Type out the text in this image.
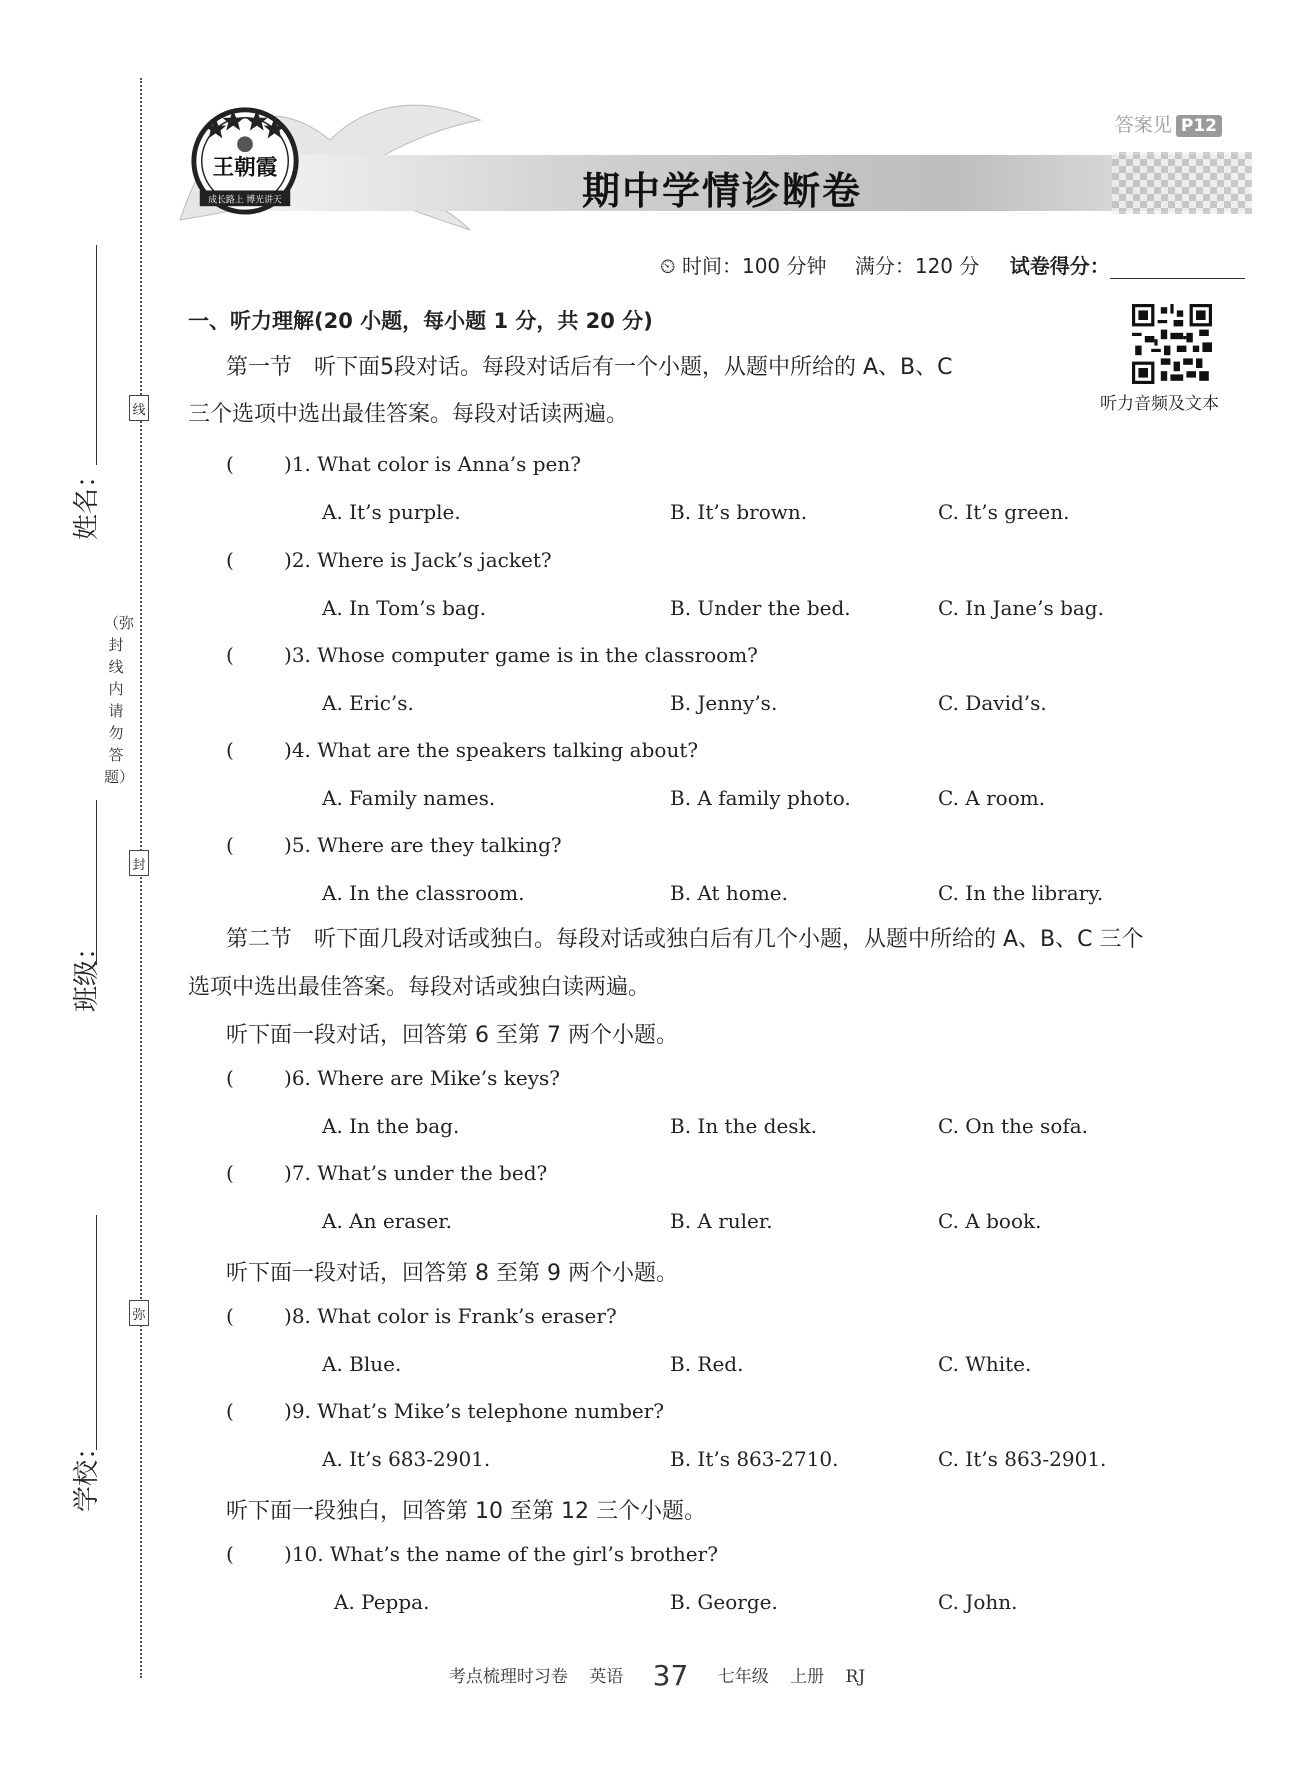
姓名：
班级：
学校：
线
封
弥
（弥封线内请勿答题）
王朝霞
成长路上 博光讲天
答案见 P12
期中学情诊断卷
⏲ 时间：100 分钟 满分：120 分 试卷得分：
听力音频及文本
一、听力理解(20 小题，每小题 1 分，共 20 分)
第一节　听下面5段对话。每段对话后有一个小题，从题中所给的 A、B、C
三个选项中选出最佳答案。每段对话读两遍。
第二节　听下面几段对话或独白。每段对话或独白后有几个小题，从题中所给的 A、B、C 三个
选项中选出最佳答案。每段对话或独白读两遍。
听下面一段对话，回答第 6 至第 7 两个小题。
听下面一段对话，回答第 8 至第 9 两个小题。
听下面一段独白，回答第 10 至第 12 三个小题。
(	)1. What color is Anna’s pen?
A. It’s purple.	B. It’s brown.	C. It’s green.
(	)2. Where is Jack’s jacket?
A. In Tom’s bag.	B. Under the bed.	C. In Jane’s bag.
(	)3. Whose computer game is in the classroom?
A. Eric’s.	B. Jenny’s.	C. David’s.
(	)4. What are the speakers talking about?
A. Family names.	B. A family photo.	C. A room.
(	)5. Where are they talking?
A. In the classroom.	B. At home.	C. In the library.
(	)6. Where are Mike’s keys?
A. In the bag.	B. In the desk.	C. On the sofa.
(	)7. What’s under the bed?
A. An eraser.	B. A ruler.	C. A book.
(	)8. What color is Frank’s eraser?
A. Blue.	B. Red.	C. White.
(	)9. What’s Mike’s telephone number?
A. It’s 683-2901.	B. It’s 863-2710.	C. It’s 863-2901.
(	)10. What’s the name of the girl’s brother?
A. Peppa.	B. George.	C. John.
考点梳理时习卷 英语 37 七年级 上册 RJ
